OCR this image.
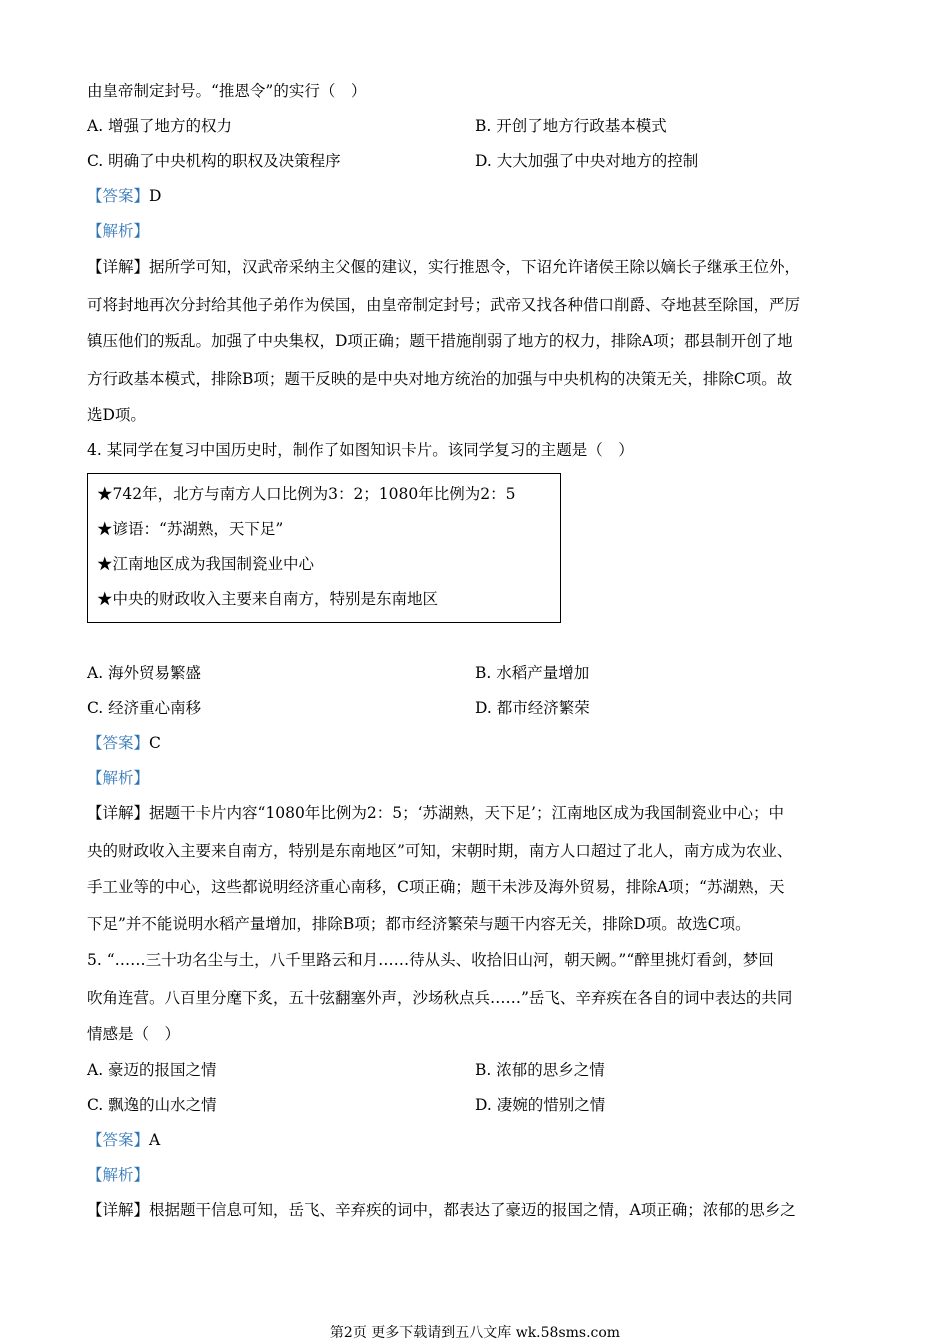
由皇帝制定封号。“推恩令”的实行（　）
A. 增强了地方的权力	B. 开创了地方行政基本模式
C. 明确了中央机构的职权及决策程序	D. 大大加强了中央对地方的控制
【答案】D
【解析】
【详解】据所学可知，汉武帝采纳主父偃的建议，实行推恩令，下诏允许诸侯王除以嫡长子继承王位外，
可将封地再次分封给其他子弟作为侯国，由皇帝制定封号；武帝又找各种借口削爵、夺地甚至除国，严厉
镇压他们的叛乱。加强了中央集权，D项正确；题干措施削弱了地方的权力，排除A项；郡县制开创了地
方行政基本模式，排除B项；题干反映的是中央对地方统治的加强与中央机构的决策无关，排除C项。故
选D项。
4. 某同学在复习中国历史时，制作了如图知识卡片。该同学复习的主题是（　）
★742年，北方与南方人口比例为3：2；1080年比例为2：5
★谚语：“苏湖熟，天下足”
★江南地区成为我国制瓷业中心
★中央的财政收入主要来自南方，特别是东南地区
A. 海外贸易繁盛	B. 水稻产量增加
C. 经济重心南移	D. 都市经济繁荣
【答案】C
【解析】
【详解】据题干卡片内容“1080年比例为2：5；‘苏湖熟，天下足’；江南地区成为我国制瓷业中心；中
央的财政收入主要来自南方，特别是东南地区”可知，宋朝时期，南方人口超过了北人，南方成为农业、
手工业等的中心，这些都说明经济重心南移，C项正确；题干未涉及海外贸易，排除A项；“苏湖熟，天
下足”并不能说明水稻产量增加，排除B项；都市经济繁荣与题干内容无关，排除D项。故选C项。
5. “……三十功名尘与土，八千里路云和月……待从头、收拾旧山河，朝天阙。”“醉里挑灯看剑，梦回
吹角连营。八百里分麾下炙，五十弦翻塞外声，沙场秋点兵……”岳飞、辛弃疾在各自的词中表达的共同
情感是（　）
A. 豪迈的报国之情	B. 浓郁的思乡之情
C. 飘逸的山水之情	D. 凄婉的惜别之情
【答案】A
【解析】
【详解】根据题干信息可知，岳飞、辛弃疾的词中，都表达了豪迈的报国之情，A项正确；浓郁的思乡之
第2页 更多下载请到五八文库 wk.58sms.com
